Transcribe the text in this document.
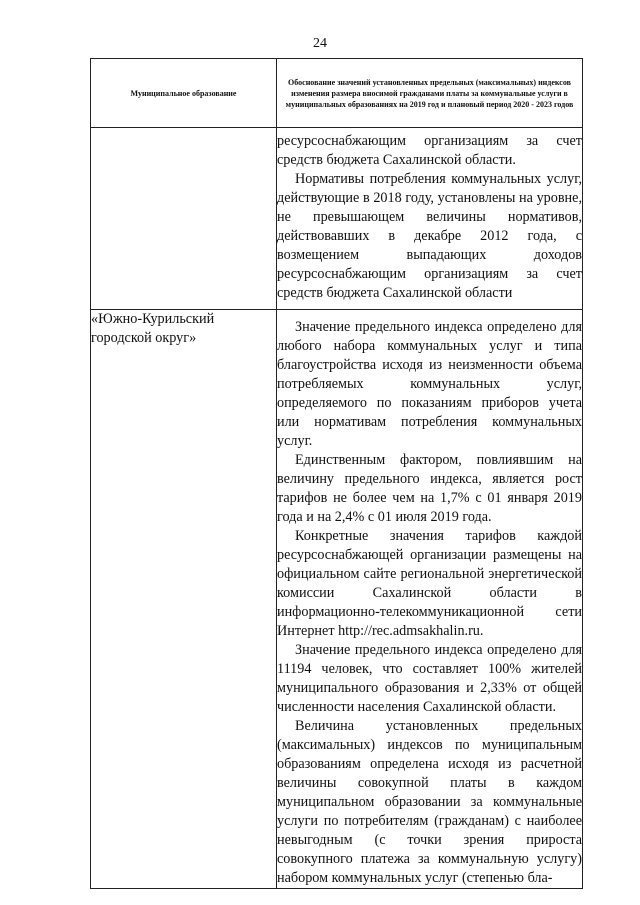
24
Муниципальное образование	Обоснование значений установленных предельных (максимальных) индексов изменения размера вносимой гражданами платы за коммунальные услуги в муниципальных образованиях на 2019 год и плановый период 2020 - 2023 годов

	ресурсоснабжающим организациям за счет средств бюджета Сахалинской области.

Нормативы потребления коммунальных услуг, действующие в 2018 году, установлены на уровне, не превышающем величины нормативов, действовавших в декабре 2012 года, с возмещением выпадающих доходов ресурсоснабжающим организациям за счет средств бюджета Сахалинской области

«Южно-Курильский городской округ»	Значение предельного индекса определено для любого набора коммунальных услуг и типа благоустройства исходя из неизменности объема потребляемых коммунальных услуг, определяемого по показаниям приборов учета или нормативам потребления коммунальных услуг.

Единственным фактором, повлиявшим на величину предельного индекса, является рост тарифов не более чем на 1,7% с 01 января 2019 года и на 2,4% с 01 июля 2019 года.

Конкретные значения тарифов каждой ресурсоснабжающей организации размещены на официальном сайте региональной энергетической комиссии Сахалинской области в информационно-телекоммуникационной сети Интернет http://rec.admsakhalin.ru.

Значение предельного индекса определено для 11194 человек, что составляет 100% жителей муниципального образования и 2,33% от общей численности населения Сахалинской области.

Величина установленных предельных (максимальных) индексов по муниципальным образованиям определена исходя из расчетной величины совокупной платы в каждом муниципальном образовании за коммунальные услуги по потребителям (гражданам) с наиболее невыгодным (с точки зрения прироста совокупного платежа за коммунальную услугу) набором коммунальных услуг (степенью бла-
